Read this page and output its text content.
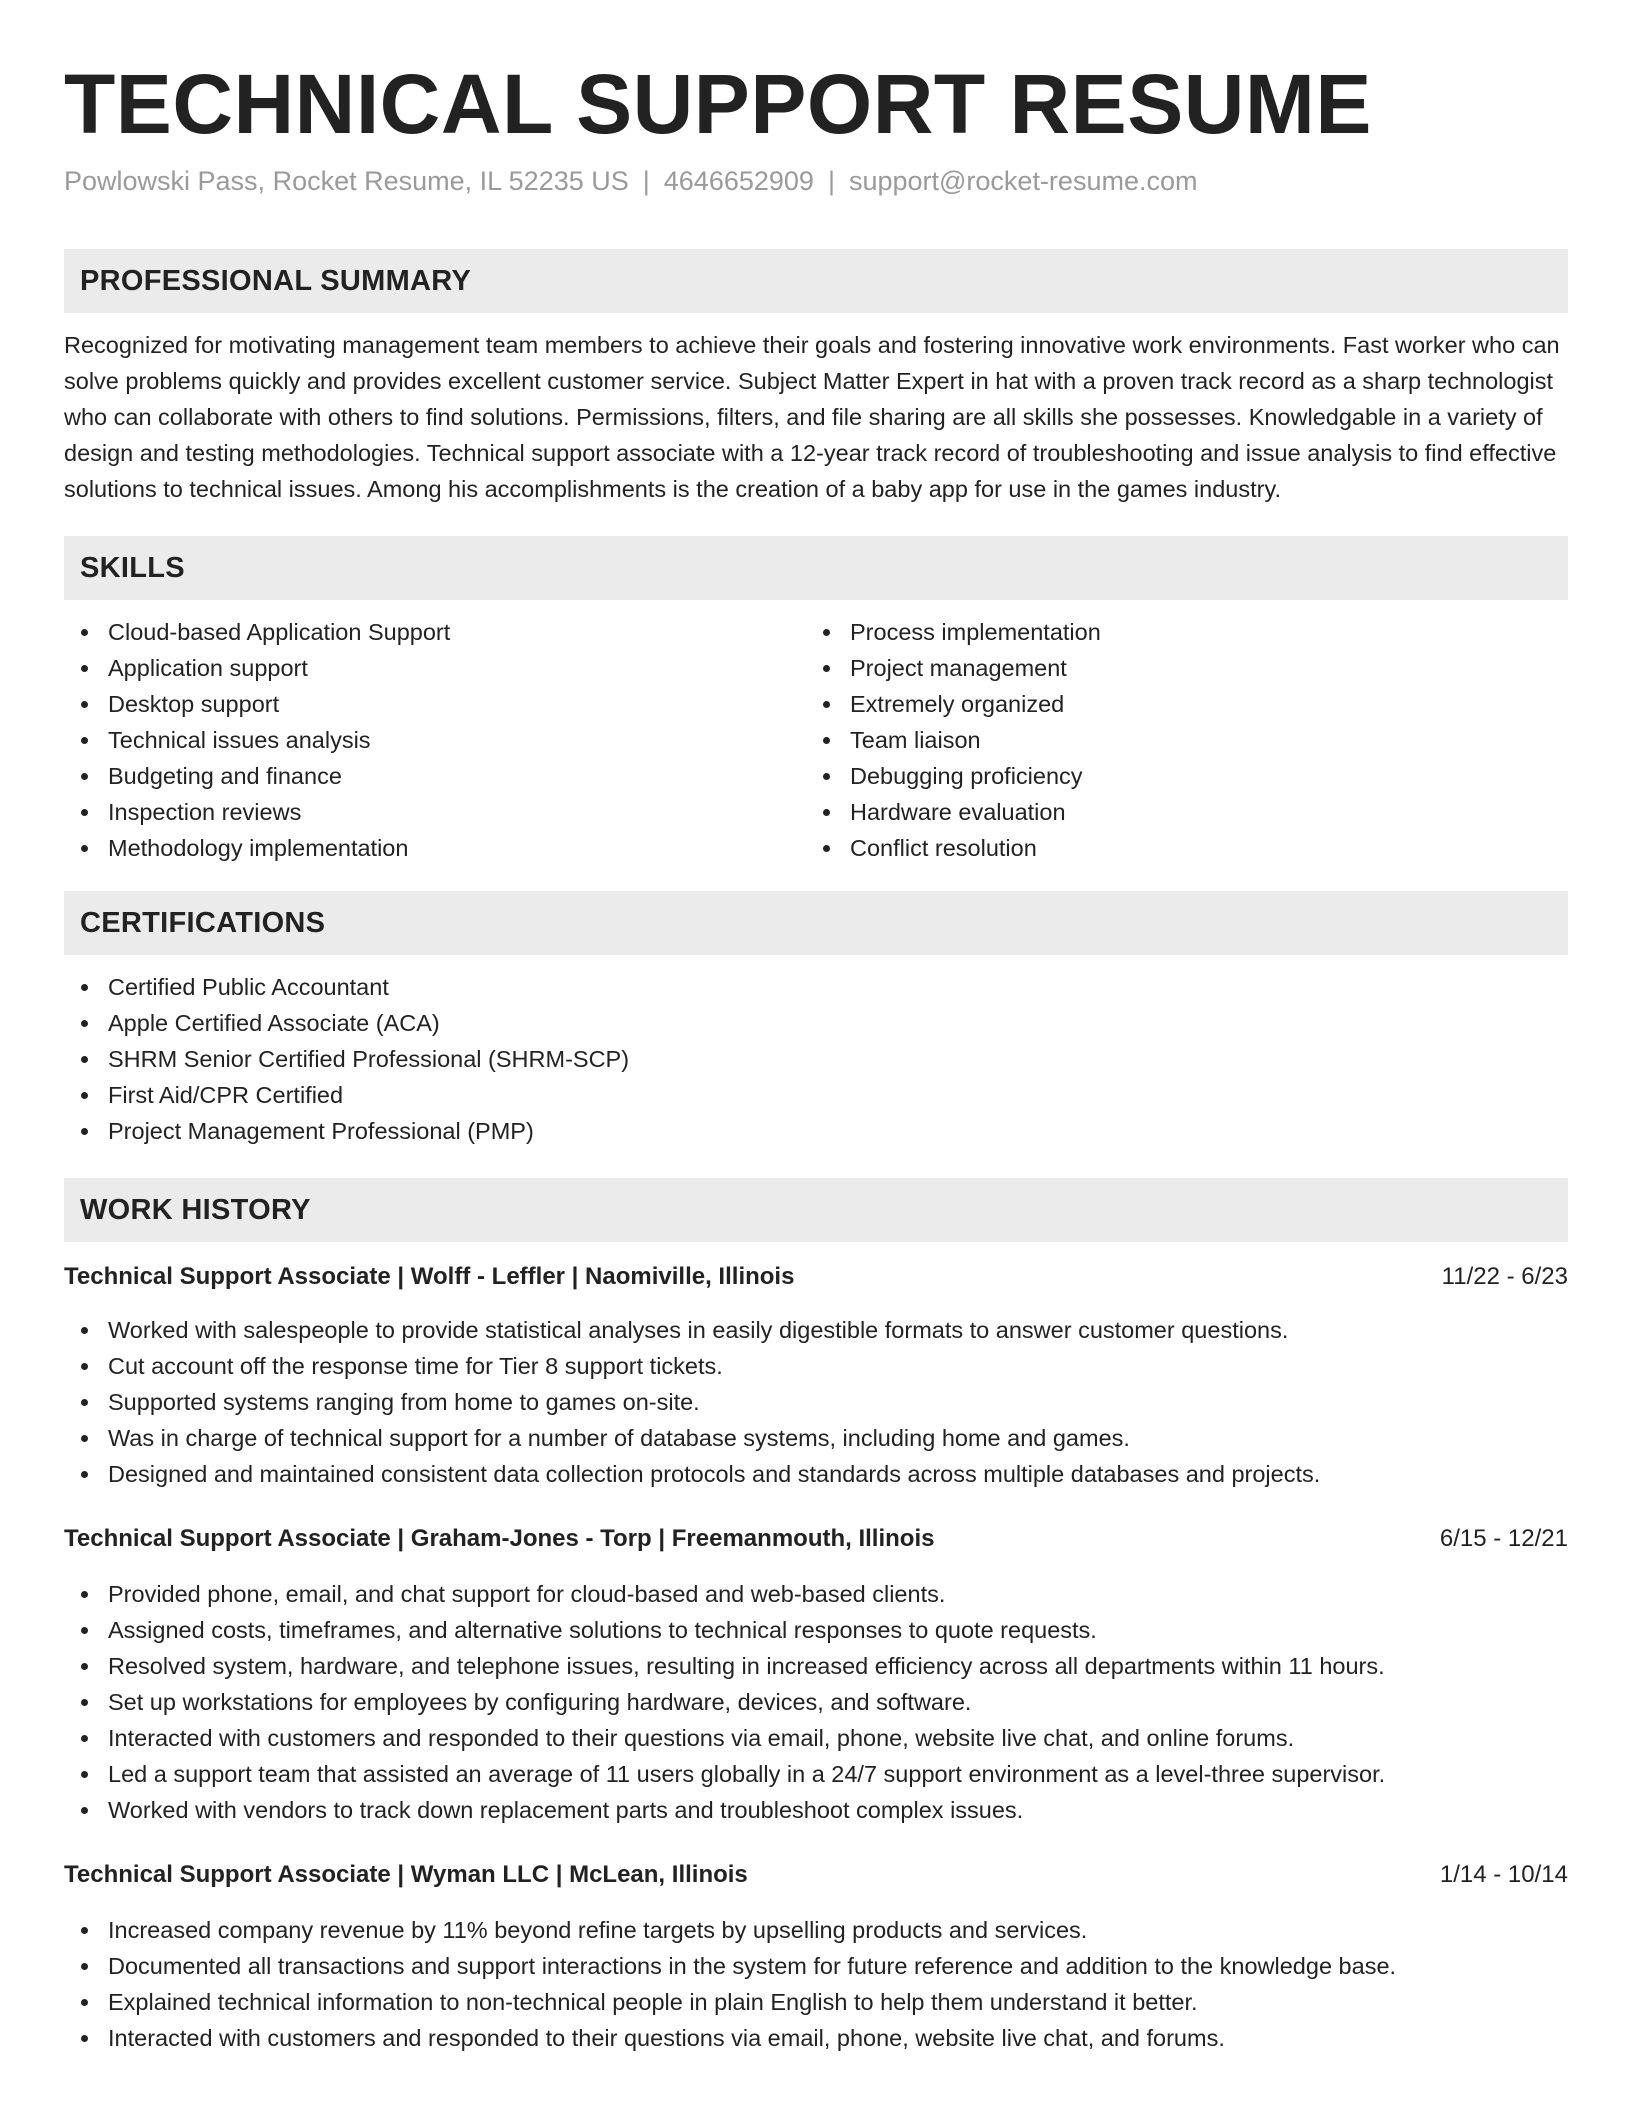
TECHNICAL SUPPORT RESUME
Powlowski Pass, Rocket Resume, IL 52235 US | 4646652909 | support@rocket-resume.com
PROFESSIONAL SUMMARY

Recognized for motivating management team members to achieve their goals and fostering innovative work environments. Fast worker who can solve problems quickly and provides excellent customer service. Subject Matter Expert in hat with a proven track record as a sharp technologist who can collaborate with others to find solutions. Permissions, filters, and file sharing are all skills she possesses. Knowledgable in a variety of design and testing methodologies. Technical support associate with a 12-year track record of troubleshooting and issue analysis to find effective solutions to technical issues. Among his accomplishments is the creation of a baby app for use in the games industry.

SKILLS
Cloud-based Application Support
Application support
Desktop support
Technical issues analysis
Budgeting and finance
Inspection reviews
Methodology implementation
Process implementation
Project management
Extremely organized
Team liaison
Debugging proficiency
Hardware evaluation
Conflict resolution
CERTIFICATIONS
Certified Public Accountant
Apple Certified Associate (ACA)
SHRM Senior Certified Professional (SHRM-SCP)
First Aid/CPR Certified
Project Management Professional (PMP)
WORK HISTORY
Technical Support Associate | Wolff - Leffler | Naomiville, Illinois	11/22 - 6/23
Worked with salespeople to provide statistical analyses in easily digestible formats to answer customer questions.
Cut account off the response time for Tier 8 support tickets.
Supported systems ranging from home to games on-site.
Was in charge of technical support for a number of database systems, including home and games.
Designed and maintained consistent data collection protocols and standards across multiple databases and projects.
Technical Support Associate | Graham-Jones - Torp | Freemanmouth, Illinois	6/15 - 12/21
Provided phone, email, and chat support for cloud-based and web-based clients.
Assigned costs, timeframes, and alternative solutions to technical responses to quote requests.
Resolved system, hardware, and telephone issues, resulting in increased efficiency across all departments within 11 hours.
Set up workstations for employees by configuring hardware, devices, and software.
Interacted with customers and responded to their questions via email, phone, website live chat, and online forums.
Led a support team that assisted an average of 11 users globally in a 24/7 support environment as a level-three supervisor.
Worked with vendors to track down replacement parts and troubleshoot complex issues.
Technical Support Associate | Wyman LLC | McLean, Illinois	1/14 - 10/14
Increased company revenue by 11% beyond refine targets by upselling products and services.
Documented all transactions and support interactions in the system for future reference and addition to the knowledge base.
Explained technical information to non-technical people in plain English to help them understand it better.
Interacted with customers and responded to their questions via email, phone, website live chat, and forums.
